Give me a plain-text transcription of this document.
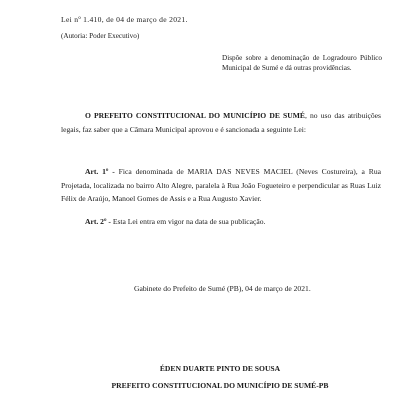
Lei nº 1.410, de 04 de março de 2021.
(Autoria: Poder Executivo)
Dispõe sobre a denominação de Logradouro Público Municipal de Sumé e dá outras providências.
O PREFEITO CONSTITUCIONAL DO MUNICÍPIO DE SUMÉ, no uso das atribuições legais, faz saber que a Câmara Municipal aprovou e é sancionada a seguinte Lei:
Art. 1º - Fica denominada de MARIA DAS NEVES MACIEL (Neves Costureira), a Rua Projetada, localizada no bairro Alto Alegre, paralela à Rua João Fogueteiro e perpendicular as Ruas Luiz Félix de Araújo, Manoel Gomes de Assis e a Rua Augusto Xavier.
Art. 2º - Esta Lei entra em vigor na data de sua publicação.
Gabinete do Prefeito de Sumé (PB), 04 de março de 2021.
ÉDEN DUARTE PINTO DE SOUSA
PREFEITO CONSTITUCIONAL DO MUNICÍPIO DE SUMÉ-PB
